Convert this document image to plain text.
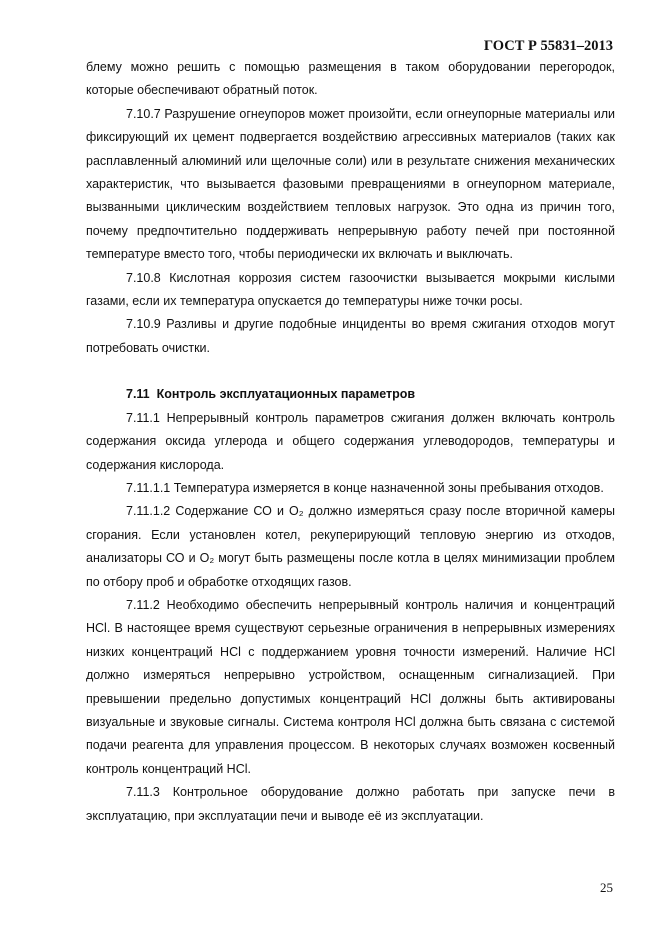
ГОСТ Р 55831–2013

блему можно решить с помощью размещения в таком оборудовании перегородок, которые обеспечивают обратный поток.

7.10.7 Разрушение огнеупоров может произойти, если огнеупорные материалы или фиксирующий их цемент подвергается воздействию агрессивных материалов (таких как расплавленный алюминий или щелочные соли) или в результате снижения механических характеристик, что вызывается фазовыми превращениями в огнеупорном материале, вызванными циклическим воздействием тепловых нагрузок. Это одна из причин того, почему предпочтительно поддерживать непрерывную работу печей при постоянной температуре вместо того, чтобы периодически их включать и выключать.

7.10.8 Кислотная коррозия систем газоочистки вызывается мокрыми кислыми газами, если их температура опускается до температуры ниже точки росы.

7.10.9 Разливы и другие подобные инциденты во время сжигания отходов могут потребовать очистки.

7.11 Контроль эксплуатационных параметров

7.11.1 Непрерывный контроль параметров сжигания должен включать контроль содержания оксида углерода и общего содержания углеводородов, температуры и содержания кислорода.

7.11.1.1 Температура измеряется в конце назначенной зоны пребывания отходов.

7.11.1.2 Содержание СО и О₂ должно измеряться сразу после вторичной камеры сгорания. Если установлен котел, рекуперирующий тепловую энергию из отходов, анализаторы СО и О₂ могут быть размещены после котла в целях минимизации проблем по отбору проб и обработке отходящих газов.

7.11.2 Необходимо обеспечить непрерывный контроль наличия и концентраций HCl. В настоящее время существуют серьезные ограничения в непрерывных измерениях низких концентраций HCl с поддержанием уровня точности измерений. Наличие HCl должно измеряться непрерывно устройством, оснащенным сигнализацией. При превышении предельно допустимых концентраций HCl должны быть активированы визуальные и звуковые сигналы. Система контроля HCl должна быть связана с системой подачи реагента для управления процессом. В некоторых случаях возможен косвенный контроль концентраций HCl.

7.11.3 Контрольное оборудование должно работать при запуске печи в эксплуатацию, при эксплуатации печи и выводе её из эксплуатации.

25
